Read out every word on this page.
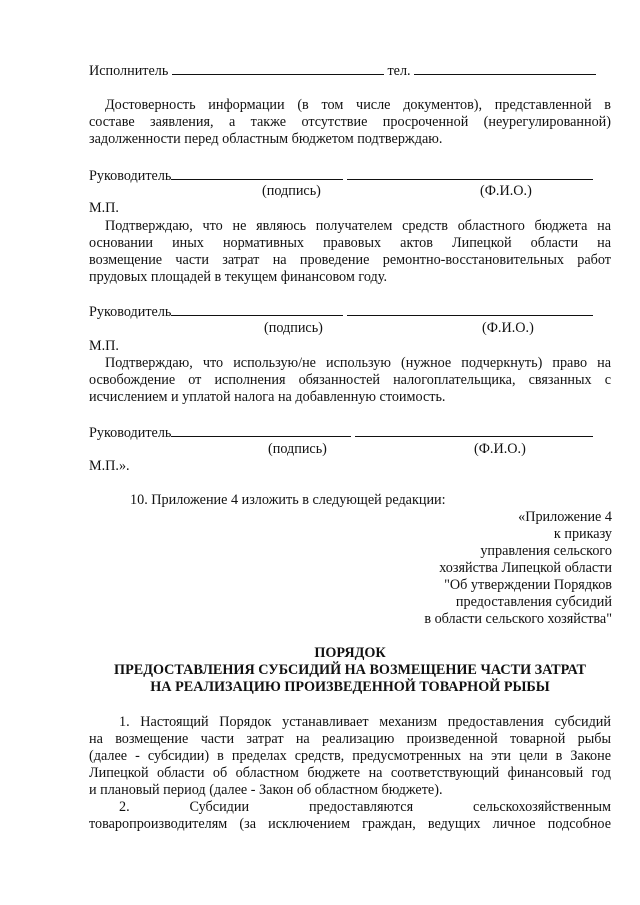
Исполнитель	тел.
Достоверность информации (в том числе документов), представленной в
составе заявления, а также отсутствие просроченной (неурегулированной)
задолженности перед областным бюджетом подтверждаю.
Руководитель
(подпись)	(Ф.И.О.)
М.П.
Подтверждаю, что не являюсь получателем средств областного бюджета на
основании иных нормативных правовых актов Липецкой области на
возмещение части затрат на проведение ремонтно-восстановительных работ
прудовых площадей в текущем финансовом году.
Руководитель
(подпись)	(Ф.И.О.)
М.П.
Подтверждаю, что использую/не использую (нужное подчеркнуть) право на
освобождение от исполнения обязанностей налогоплательщика, связанных с
исчислением и уплатой налога на добавленную стоимость.
Руководитель
(подпись)	(Ф.И.О.)
М.П.».
10. Приложение 4 изложить в следующей редакции:
«Приложение 4
к приказу
управления сельского
хозяйства Липецкой области
"Об утверждении Порядков
предоставления субсидий
в области сельского хозяйства"
ПОРЯДОК
ПРЕДОСТАВЛЕНИЯ СУБСИДИЙ НА ВОЗМЕЩЕНИЕ ЧАСТИ ЗАТРАТ
НА РЕАЛИЗАЦИЮ ПРОИЗВЕДЕННОЙ ТОВАРНОЙ РЫБЫ
1. Настоящий Порядок устанавливает механизм предоставления субсидий
на возмещение части затрат на реализацию произведенной товарной рыбы
(далее - субсидии) в пределах средств, предусмотренных на эти цели в Законе
Липецкой области об областном бюджете на соответствующий финансовый год
и плановый период (далее - Закон об областном бюджете).
2. Субсидии предоставляются сельскохозяйственным
товаропроизводителям (за исключением граждан, ведущих личное подсобное
